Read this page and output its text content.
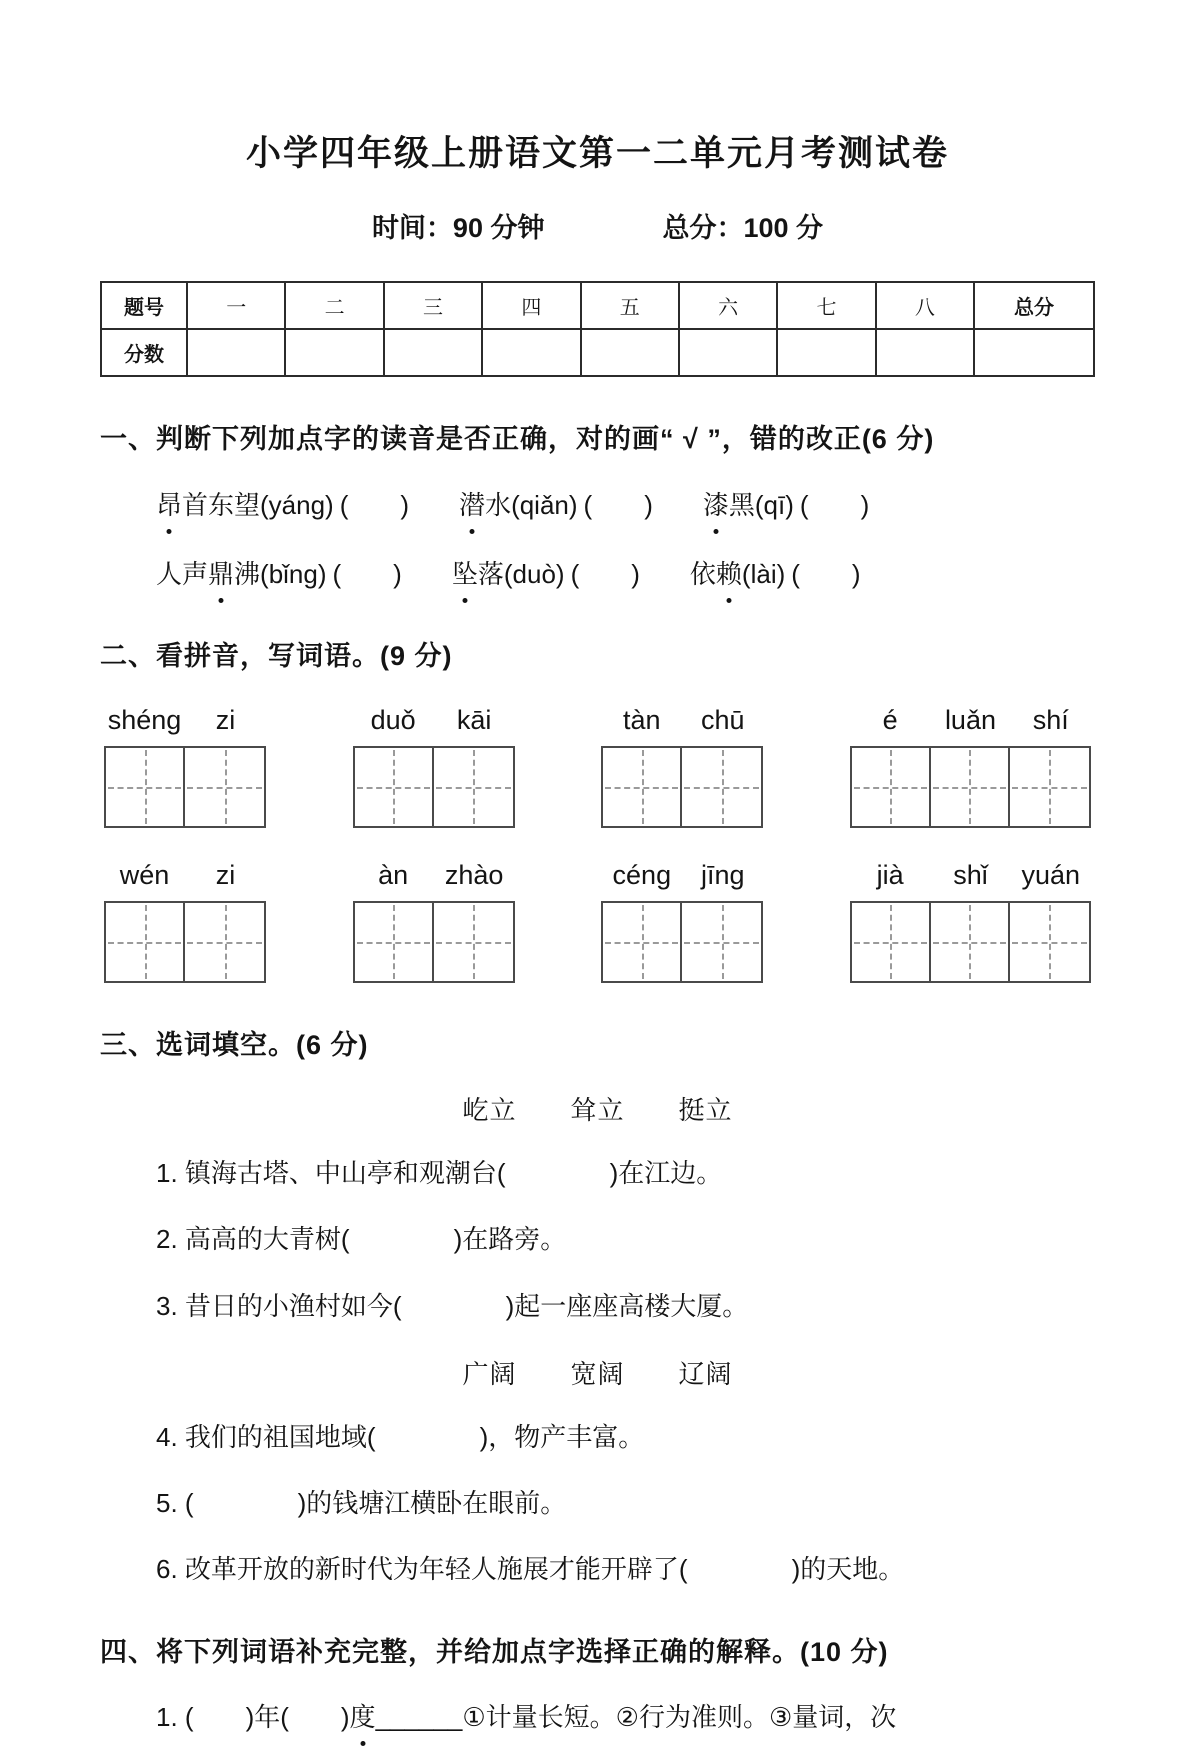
小学四年级上册语文第一二单元月考测试卷
时间：90 分钟	总分：100 分
题号	一	二	三	四	五	六	七	八	总分
分数									
一、判断下列加点字的读音是否正确，对的画“ √ ”，错的改正(6 分)
昂首东望(yáng) (　　) 潜水(qiǎn) (　　) 漆黑(qī) (　　)
人声鼎沸(bǐng) (　　) 坠落(duò) (　　) 依赖(lài) (　　)
二、看拼音，写词语。(9 分)
shéng	zi	duǒ	kāi	tàn	chū	é	luǎn	shí
wén	zi	àn	zhào	céng	jīng	jià	shǐ	yuán
三、选词填空。(6 分)
屹立　　耸立　　挺立
1. 镇海古塔、中山亭和观潮台(　　　　)在江边。
2. 高高的大青树(　　　　)在路旁。
3. 昔日的小渔村如今(　　　　)起一座座高楼大厦。
广阔　　宽阔　　辽阔
4. 我们的祖国地域(　　　　)，物产丰富。
5. (　　　　)的钱塘江横卧在眼前。
6. 改革开放的新时代为年轻人施展才能开辟了(　　　　)的天地。
四、将下列词语补充完整，并给加点字选择正确的解释。(10 分)
1. (　　)年(　　)度______①计量长短。②行为准则。③量词，次
